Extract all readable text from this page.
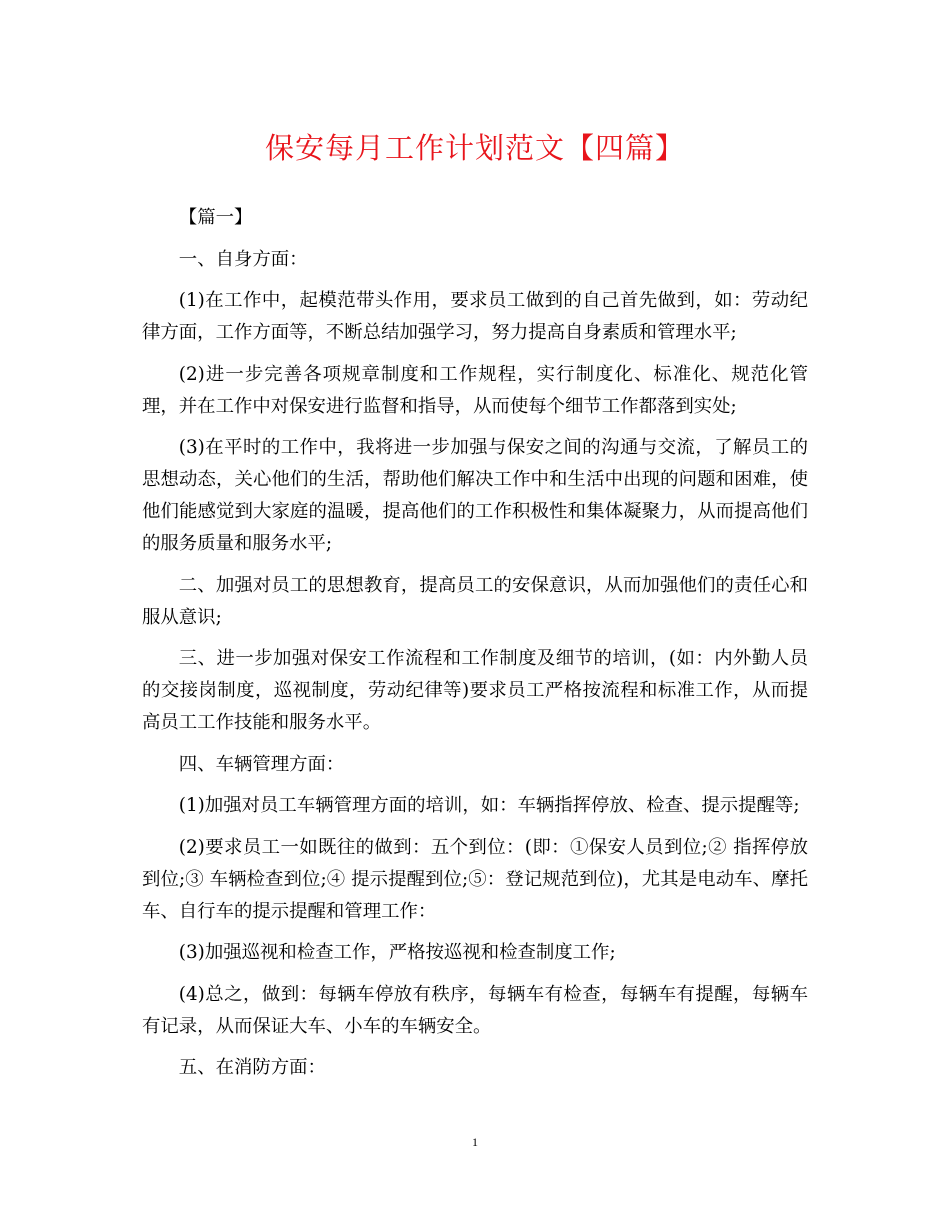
保安每月工作计划范文【四篇】

【篇一】

一、自身方面：

(1)在工作中，起模范带头作用，要求员工做到的自己首先做到，如：劳动纪律方面，工作方面等，不断总结加强学习，努力提高自身素质和管理水平;

(2)进一步完善各项规章制度和工作规程，实行制度化、标准化、规范化管理，并在工作中对保安进行监督和指导，从而使每个细节工作都落到实处;

(3)在平时的工作中，我将进一步加强与保安之间的沟通与交流，了解员工的思想动态，关心他们的生活，帮助他们解决工作中和生活中出现的问题和困难，使他们能感觉到大家庭的温暖，提高他们的工作积极性和集体凝聚力，从而提高他们的服务质量和服务水平;

二、加强对员工的思想教育，提高员工的安保意识，从而加强他们的责任心和服从意识;

三、进一步加强对保安工作流程和工作制度及细节的培训，(如：内外勤人员的交接岗制度，巡视制度，劳动纪律等)要求员工严格按流程和标准工作，从而提高员工工作技能和服务水平。

四、车辆管理方面：

(1)加强对员工车辆管理方面的培训，如：车辆指挥停放、检查、提示提醒等;

(2)要求员工一如既往的做到：五个到位：(即：①保安人员到位;② 指挥停放到位;③ 车辆检查到位;④ 提示提醒到位;⑤：登记规范到位)，尤其是电动车、摩托车、自行车的提示提醒和管理工作：

(3)加强巡视和检查工作，严格按巡视和检查制度工作;

(4)总之，做到：每辆车停放有秩序，每辆车有检查，每辆车有提醒，每辆车有记录，从而保证大车、小车的车辆安全。

五、在消防方面：

1
